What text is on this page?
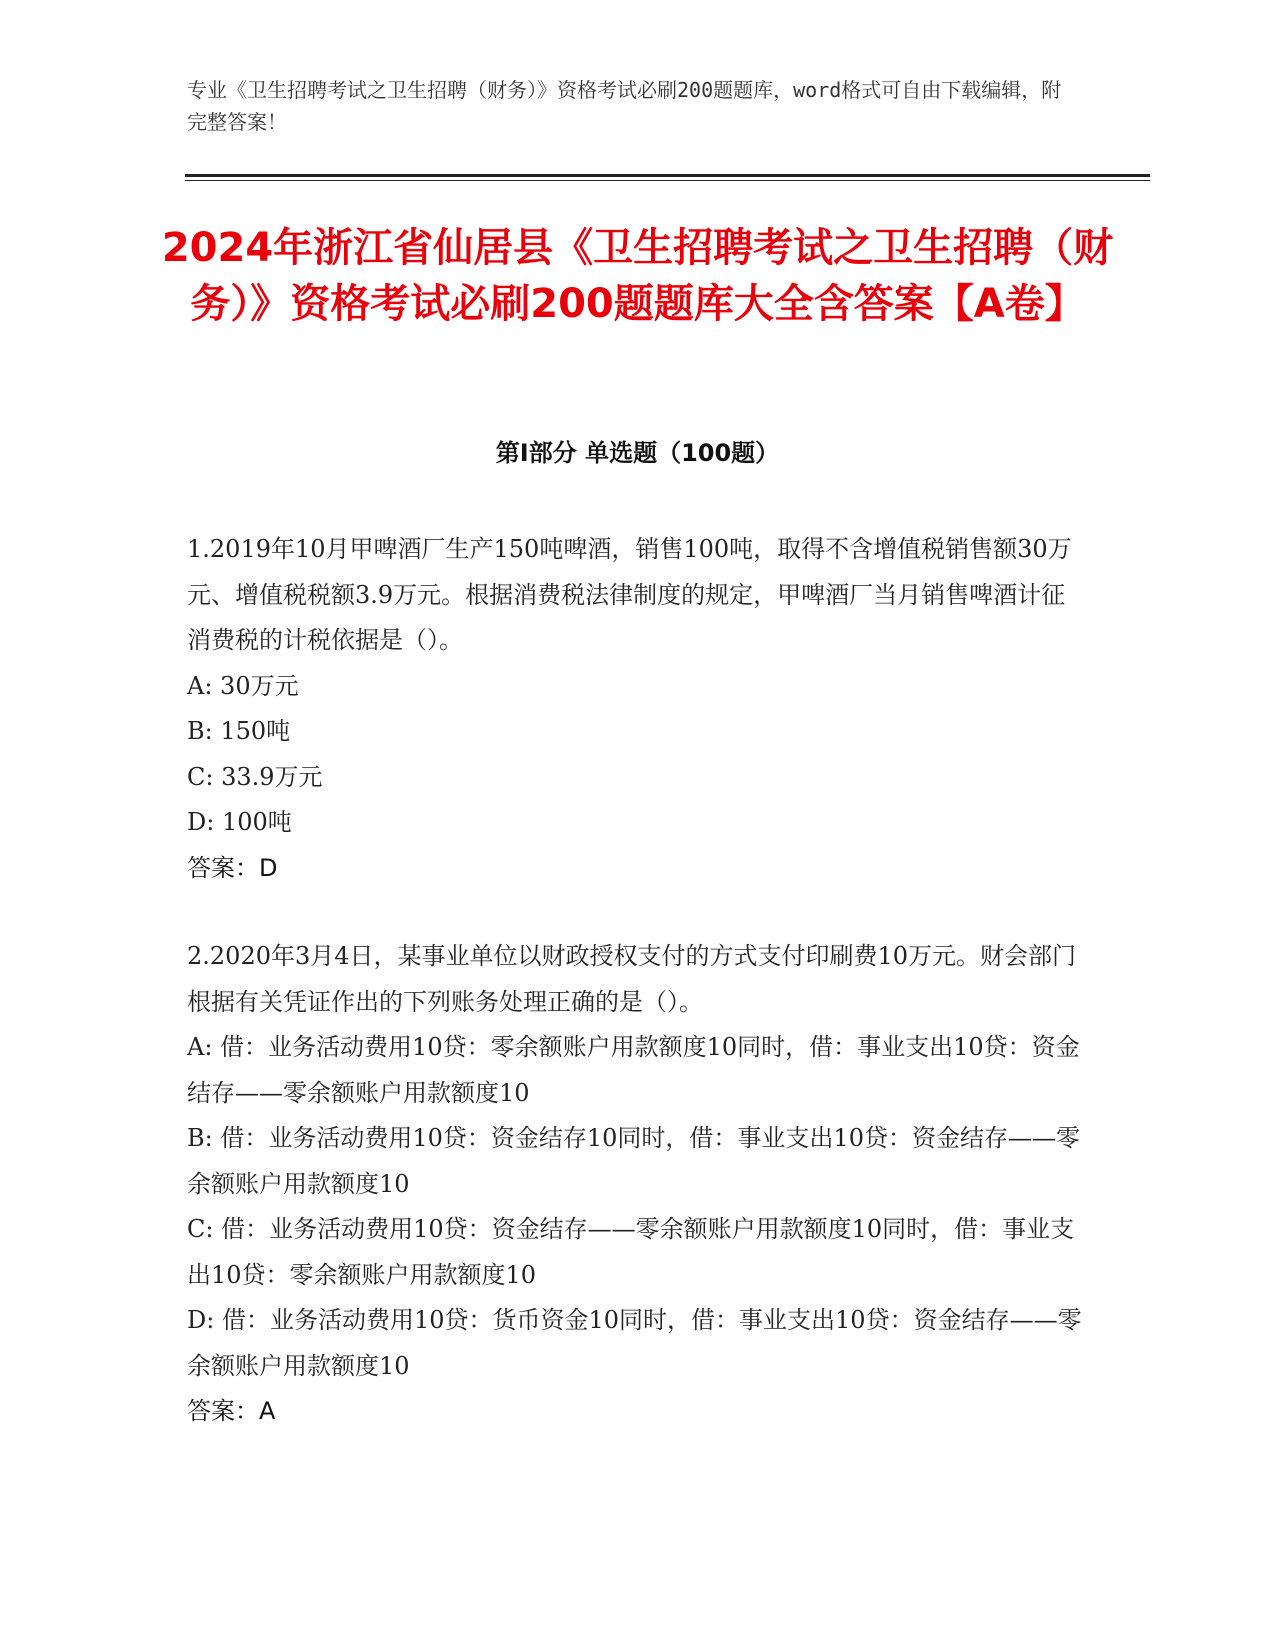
专业《卫生招聘考试之卫生招聘（财务）》资格考试必刷200题题库，word格式可自由下载编辑，附完整答案！
2024年浙江省仙居县《卫生招聘考试之卫生招聘（财务）》资格考试必刷200题题库大全含答案【A卷】
第Ⅰ部分 单选题（100题）

1.2019年10月甲啤酒厂生产150吨啤酒，销售100吨，取得不含增值税销售额30万元、增值税税额3.9万元。根据消费税法律制度的规定，甲啤酒厂当月销售啤酒计征消费税的计税依据是（）。

A: 30万元

B: 150吨

C: 33.9万元

D: 100吨

答案：D

2.2020年3月4日，某事业单位以财政授权支付的方式支付印刷费10万元。财会部门根据有关凭证作出的下列账务处理正确的是（）。

A: 借：业务活动费用10贷：零余额账户用款额度10同时，借：事业支出10贷：资金结存——零余额账户用款额度10

B: 借：业务活动费用10贷：资金结存10同时，借：事业支出10贷：资金结存——零余额账户用款额度10

C: 借：业务活动费用10贷：资金结存——零余额账户用款额度10同时，借：事业支出10贷：零余额账户用款额度10

D: 借：业务活动费用10贷：货币资金10同时，借：事业支出10贷：资金结存——零余额账户用款额度10

答案：A
